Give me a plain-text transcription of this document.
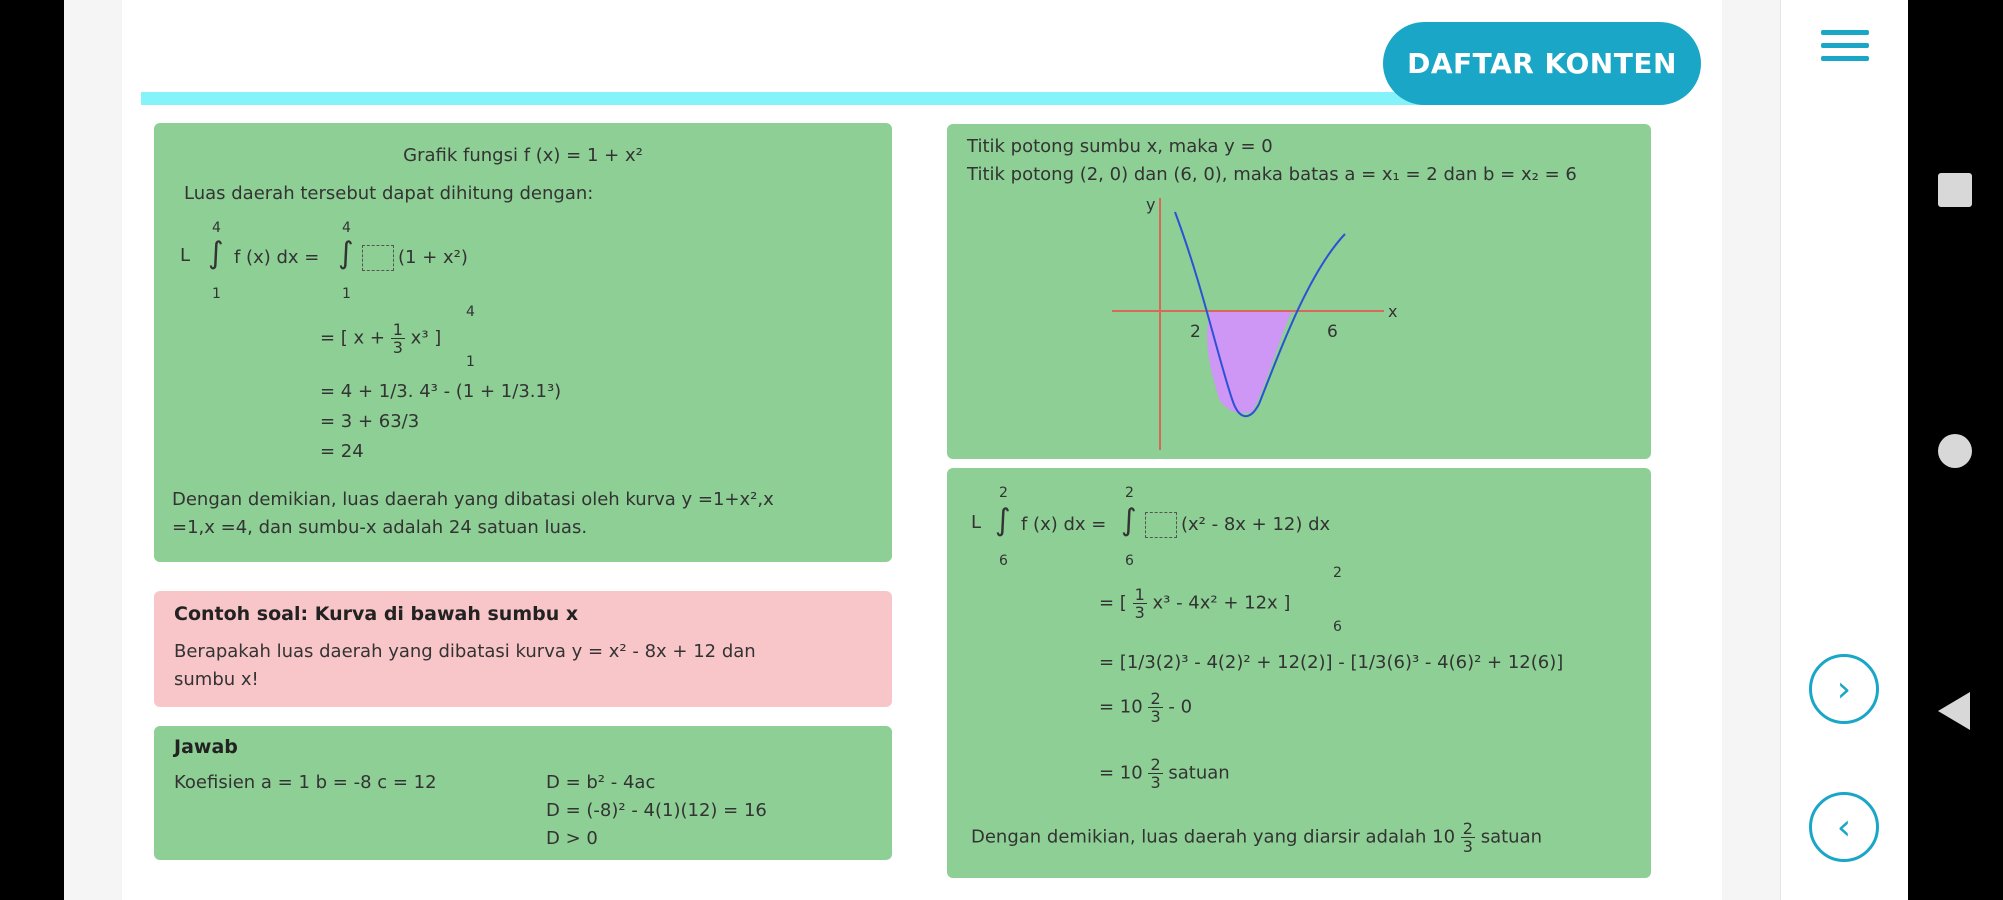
DAFTAR KONTEN
Grafik fungsi f (x) = 1 + x²
Luas daerah tersebut dapat dihitung dengan:
4
L ∫ f (x) dx =
4
∫	(1 + x²)
1	1
= [ $x + \frac{1}{3} x^3$ ]
4
1
= 4 + 1/3. 4³ - (1 + 1/3.1³)
= 3 + 63/3
= 24
Dengan demikian, luas daerah yang dibatasi oleh kurva y =1+x²,x
=1,x =4, dan sumbu-x adalah 24 satuan luas.
Contoh soal: Kurva di bawah sumbu x
Berapakah luas daerah yang dibatasi kurva y = x² - 8x + 12 dan
sumbu x!
Jawab
Koefisien a = 1 b = -8 c = 12	D = b² - 4ac
D = (-8)² - 4(1)(12) = 16
D > 0
Titik potong sumbu x, maka y = 0
Titik potong (2, 0) dan (6, 0), maka batas a = x₁ = 2 dan b = x₂ = 6
y
x
2	6
2
L ∫ f (x) dx =
2
∫	(x² - 8x + 12) dx
6	6
= [ $\frac{1}{3} x^3 - 4x^2 + 12x$ ]
2
6
= [1/3(2)³ - 4(2)² + 12(2)] - [1/3(6)³ - 4(6)² + 12(6)]
= $10 \frac{2}{3} - 0$
= $10 \frac{2}{3}$ satuan
Dengan demikian, luas daerah yang diarsir adalah $10 \frac{2}{3}$ satuan
›
‹
